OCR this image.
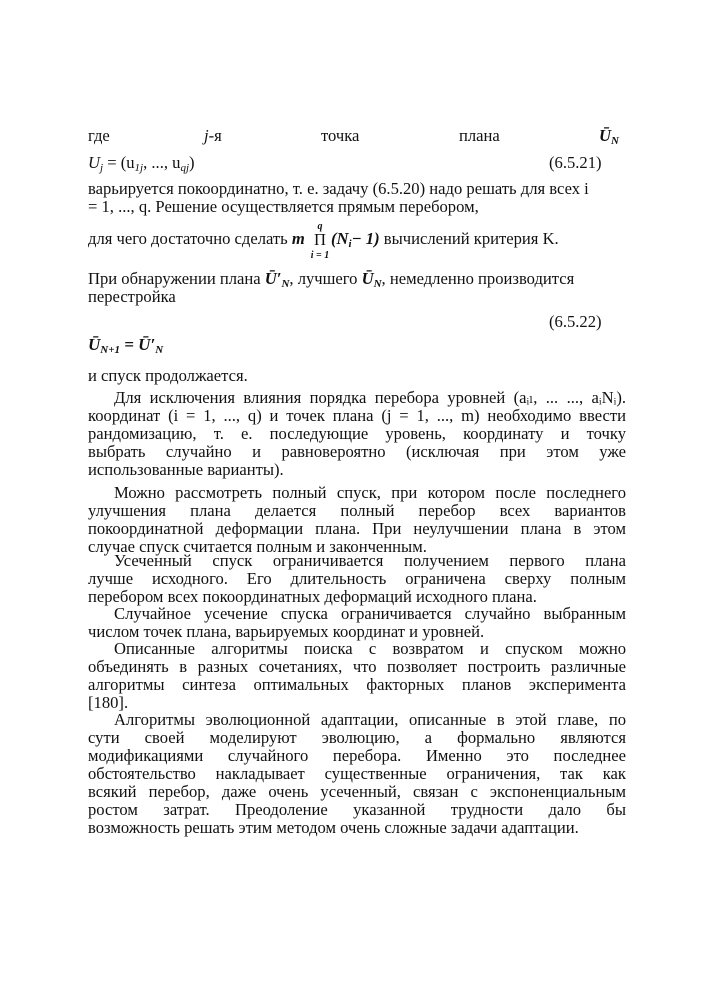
где	j-я	точка	плана	$Ū_N$
$U_j = (u_{1j}$, ..., $u_{qj}$)	(6.5.21)
варьируется покоординатно, т. е. задачу (6.5.20) надо решать для всех i
= 1, ..., q. Решение осуществляется прямым перебором,
для чего достаточно сделать m
q
Π
i = 1
$(N_i- 1)$ вычислений критерия K.
При обнаружении плана $Ū'_N$, лучшего $Ū_N$, немедленно производится
перестройка
(6.5.22)
$Ū_{N+1}$ = $Ū'_N$
и спуск продолжается.
Для исключения влияния порядка перебора уровней (aᵢₗ, ... ..., aᵢNᵢ).
координат (i = 1, ..., q) и точек плана (j = 1, ..., m) необходимо ввести
рандомизацию, т. е. последующие уровень, координату и точку
выбрать случайно и равновероятно (исключая при этом уже
использованные варианты).
Можно рассмотреть полный спуск, при котором после последнего
улучшения плана делается полный перебор всех вариантов
покоординатной деформации плана. При неулучшении плана в этом
случае спуск считается полным и законченным.
Усеченный спуск ограничивается получением первого плана
лучше исходного. Его длительность ограничена сверху полным
перебором всех покоординатных деформаций исходного плана.
Случайное усечение спуска ограничивается случайно выбранным
числом точек плана, варьируемых координат и уровней.
Описанные алгоритмы поиска с возвратом и спуском можно
объединять в разных сочетаниях, что позволяет построить различные
алгоритмы синтеза оптимальных факторных планов эксперимента
[180].
Алгоритмы эволюционной адаптации, описанные в этой главе, по
сути своей моделируют эволюцию, а формально являются
модификациями случайного перебора. Именно это последнее
обстоятельство накладывает существенные ограничения, так как
всякий перебор, даже очень усеченный, связан с экспоненциальным
ростом затрат. Преодоление указанной трудности дало бы
возможность решать этим методом очень сложные задачи адаптации.
